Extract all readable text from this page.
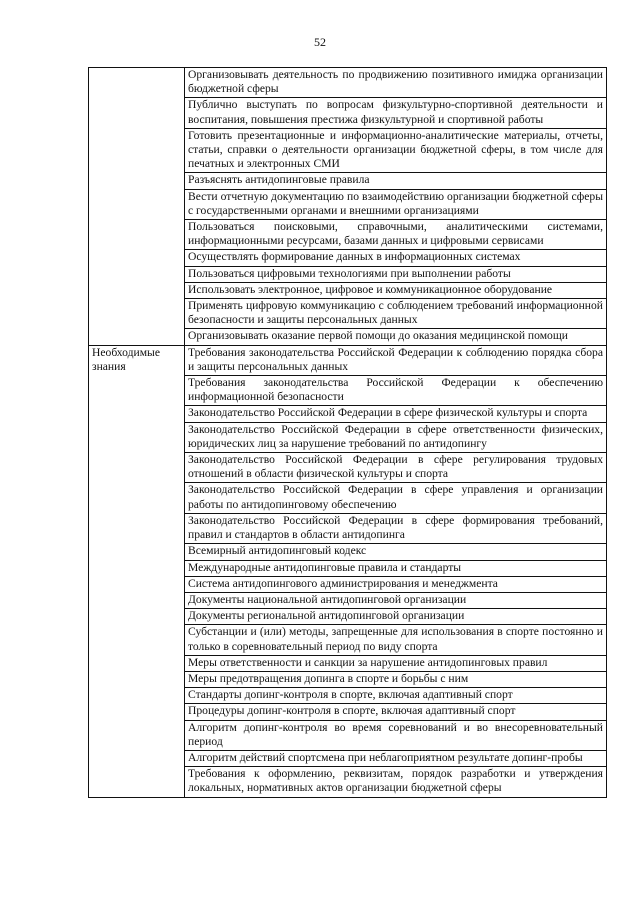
52
	Организовывать деятельность по продвижению позитивного имиджа организации бюджетной сферы
	Публично выступать по вопросам физкультурно-спортивной деятельности и воспитания, повышения престижа физкультурной и спортивной работы
	Готовить презентационные и информационно-аналитические материалы, отчеты, статьи, справки о деятельности организации бюджетной сферы, в том числе для печатных и электронных СМИ
	Разъяснять антидопинговые правила
	Вести отчетную документацию по взаимодействию организации бюджетной сферы с государственными органами и внешними организациями
	Пользоваться поисковыми, справочными, аналитическими системами, информационными ресурсами, базами данных и цифровыми сервисами
	Осуществлять формирование данных в информационных системах
	Пользоваться цифровыми технологиями при выполнении работы
	Использовать электронное, цифровое и коммуникационное оборудование
	Применять цифровую коммуникацию с соблюдением требований информационной безопасности и защиты персональных данных
	Организовывать оказание первой помощи до оказания медицинской помощи
Необходимые знания	Требования законодательства Российской Федерации к соблюдению порядка сбора и защиты персональных данных
	Требования законодательства Российской Федерации к обеспечению информационной безопасности
	Законодательство Российской Федерации в сфере физической культуры и спорта
	Законодательство Российской Федерации в сфере ответственности физических, юридических лиц за нарушение требований по антидопингу
	Законодательство Российской Федерации в сфере регулирования трудовых отношений в области физической культуры и спорта
	Законодательство Российской Федерации в сфере управления и организации работы по антидопинговому обеспечению
	Законодательство Российской Федерации в сфере формирования требований, правил и стандартов в области антидопинга
	Всемирный антидопинговый кодекс
	Международные антидопинговые правила и стандарты
	Система антидопингового администрирования и менеджмента
	Документы национальной антидопинговой организации
	Документы региональной антидопинговой организации
	Субстанции и (или) методы, запрещенные для использования в спорте постоянно и только в соревновательный период по виду спорта
	Меры ответственности и санкции за нарушение антидопинговых правил
	Меры предотвращения допинга в спорте и борьбы с ним
	Стандарты допинг-контроля в спорте, включая адаптивный спорт
	Процедуры допинг-контроля в спорте, включая адаптивный спорт
	Алгоритм допинг-контроля во время соревнований и во внесоревновательный период
	Алгоритм действий спортсмена при неблагоприятном результате допинг-пробы
	Требования к оформлению, реквизитам, порядок разработки и утверждения локальных, нормативных актов организации бюджетной сферы
